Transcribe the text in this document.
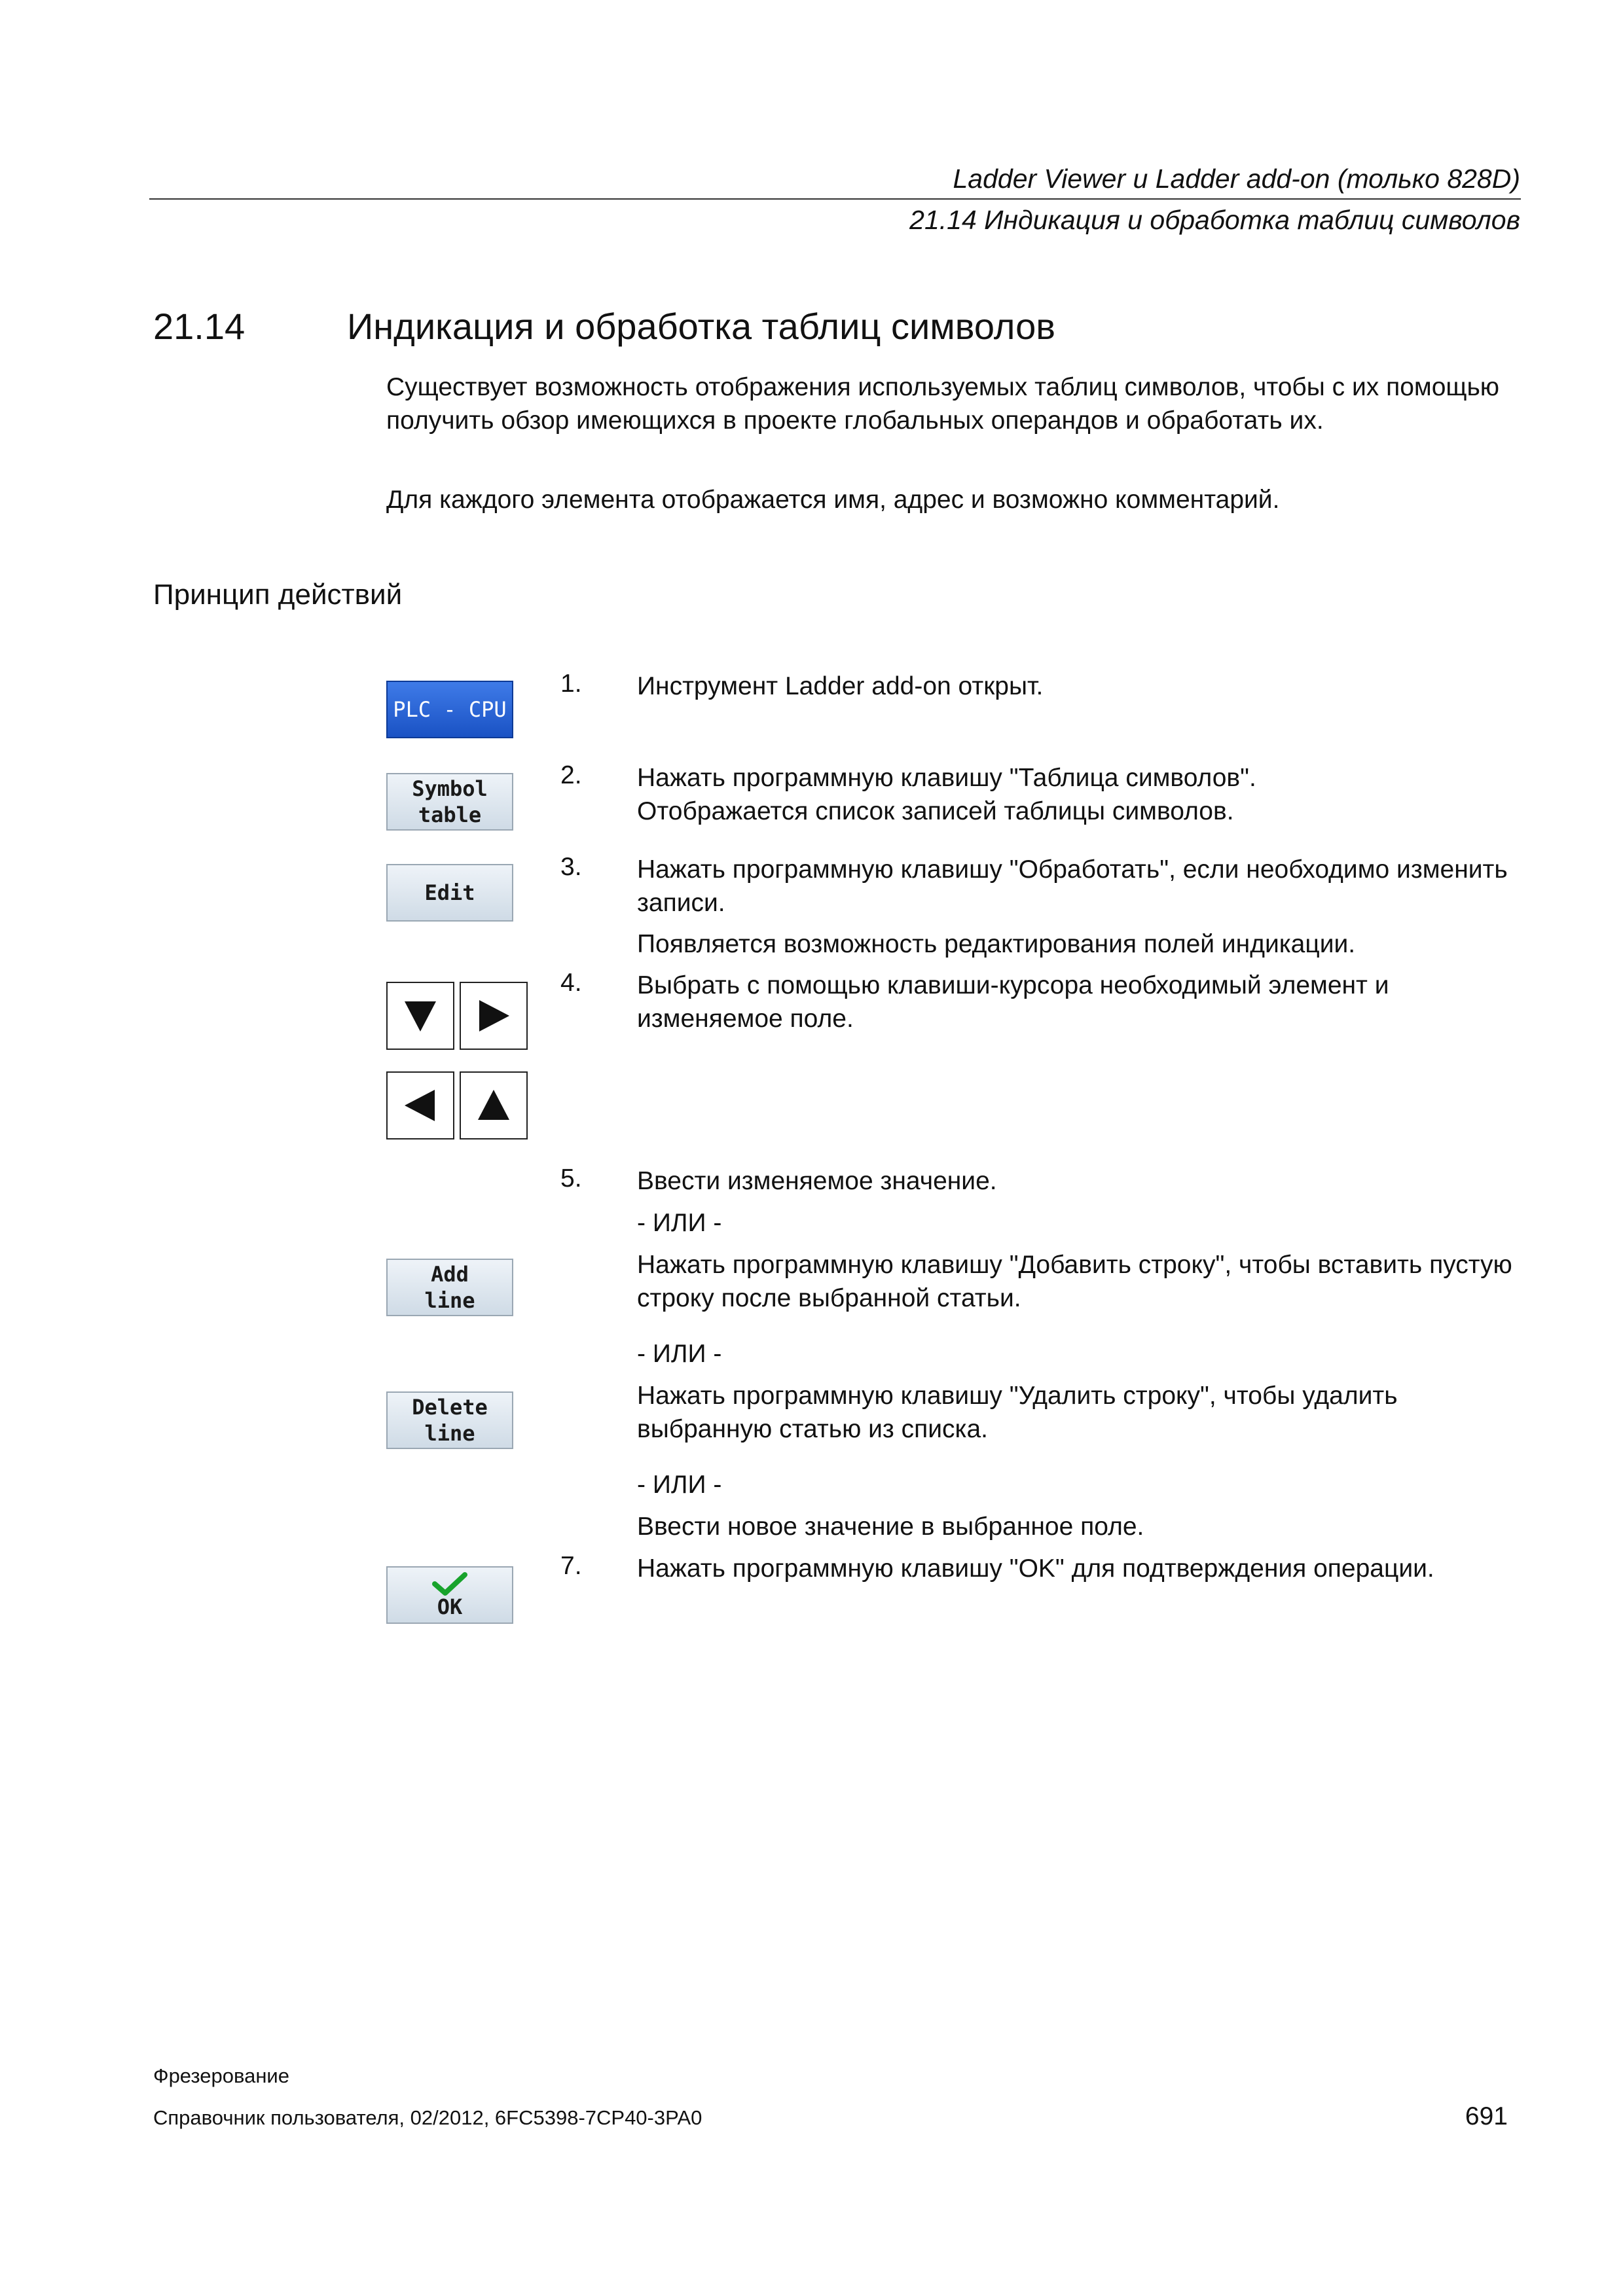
Ladder Viewer и Ladder add-on (только 828D)
21.14 Индикация и обработка таблиц символов
21.14	Индикация и обработка таблиц символов
Существует возможность отображения используемых таблиц символов, чтобы с их помощью получить обзор имеющихся в проекте глобальных операндов и обработать их.
Для каждого элемента отображается имя, адрес и возможно комментарий.
Принцип действий
PLC - CPU
Symbol
table
Edit
Add
line
Delete
line
OK
1. Инструмент Ladder add-on открыт.
2. Нажать программную клавишу "Таблица символов".
Отображается список записей таблицы символов.
3. Нажать программную клавишу "Обработать", если необходимо изменить записи.
Появляется возможность редактирования полей индикации.
4. Выбрать с помощью клавиши-курсора необходимый элемент и изменяемое поле.
5. Ввести изменяемое значение.
- ИЛИ -
Нажать программную клавишу "Добавить строку", чтобы вставить пустую строку после выбранной статьи.
- ИЛИ -
Нажать программную клавишу "Удалить строку", чтобы удалить выбранную статью из списка.
- ИЛИ -
Ввести новое значение в выбранное поле.
7. Нажать программную клавишу "OK" для подтверждения операции.
Фрезерование
Справочник пользователя, 02/2012, 6FC5398-7CP40-3PA0	691
